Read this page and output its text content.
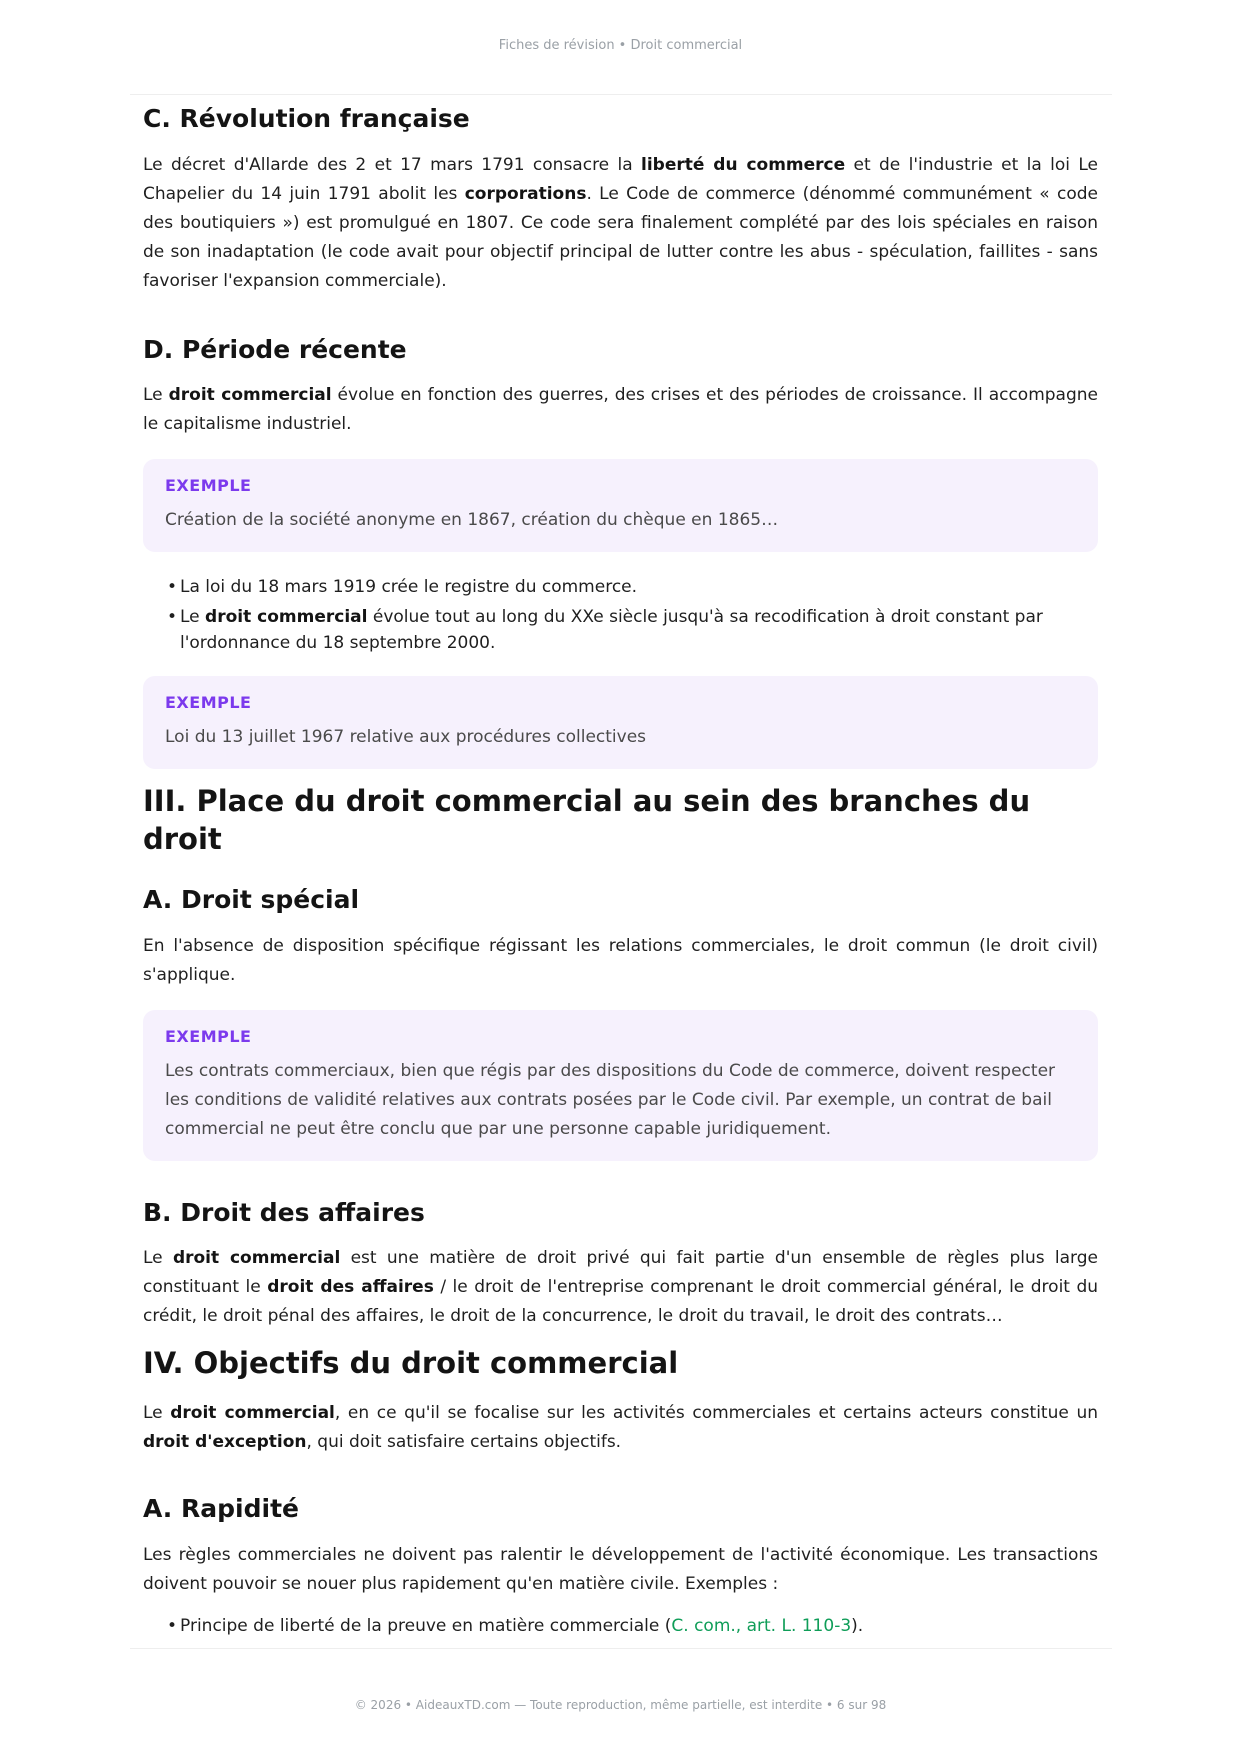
Fiches de révision • Droit commercial
C. Révolution française

Le décret d'Allarde des 2 et 17 mars 1791 consacre la liberté du commerce et de l'industrie et la loi Le Chapelier du 14 juin 1791 abolit les corporations. Le Code de commerce (dénommé communément « code des boutiquiers ») est promulgué en 1807. Ce code sera finalement complété par des lois spéciales en raison de son inadaptation (le code avait pour objectif principal de lutter contre les abus - spéculation, faillites - sans favoriser l'expansion commerciale).

D. Période récente

Le droit commercial évolue en fonction des guerres, des crises et des périodes de croissance. Il accompagne le capitalisme industriel.

EXEMPLE
Création de la société anonyme en 1867, création du chèque en 1865…
• La loi du 18 mars 1919 crée le registre du commerce.
• Le droit commercial évolue tout au long du XXe siècle jusqu'à sa recodification à droit constant par l'ordonnance du 18 septembre 2000.
EXEMPLE
Loi du 13 juillet 1967 relative aux procédures collectives
III. Place du droit commercial au sein des branches du droit
A. Droit spécial

En l'absence de disposition spécifique régissant les relations commerciales, le droit commun (le droit civil) s'applique.

EXEMPLE
Les contrats commerciaux, bien que régis par des dispositions du Code de commerce, doivent respecter les conditions de validité relatives aux contrats posées par le Code civil. Par exemple, un contrat de bail commercial ne peut être conclu que par une personne capable juridiquement.
B. Droit des affaires

Le droit commercial est une matière de droit privé qui fait partie d'un ensemble de règles plus large constituant le droit des affaires / le droit de l'entreprise comprenant le droit commercial général, le droit du crédit, le droit pénal des affaires, le droit de la concurrence, le droit du travail, le droit des contrats…

IV. Objectifs du droit commercial

Le droit commercial, en ce qu'il se focalise sur les activités commerciales et certains acteurs constitue un droit d'exception, qui doit satisfaire certains objectifs.

A. Rapidité

Les règles commerciales ne doivent pas ralentir le développement de l'activité économique. Les transactions doivent pouvoir se nouer plus rapidement qu'en matière civile. Exemples :

• Principe de liberté de la preuve en matière commerciale (C. com., art. L. 110-3).
© 2026 • AideauxTD.com — Toute reproduction, même partielle, est interdite • 6 sur 98
